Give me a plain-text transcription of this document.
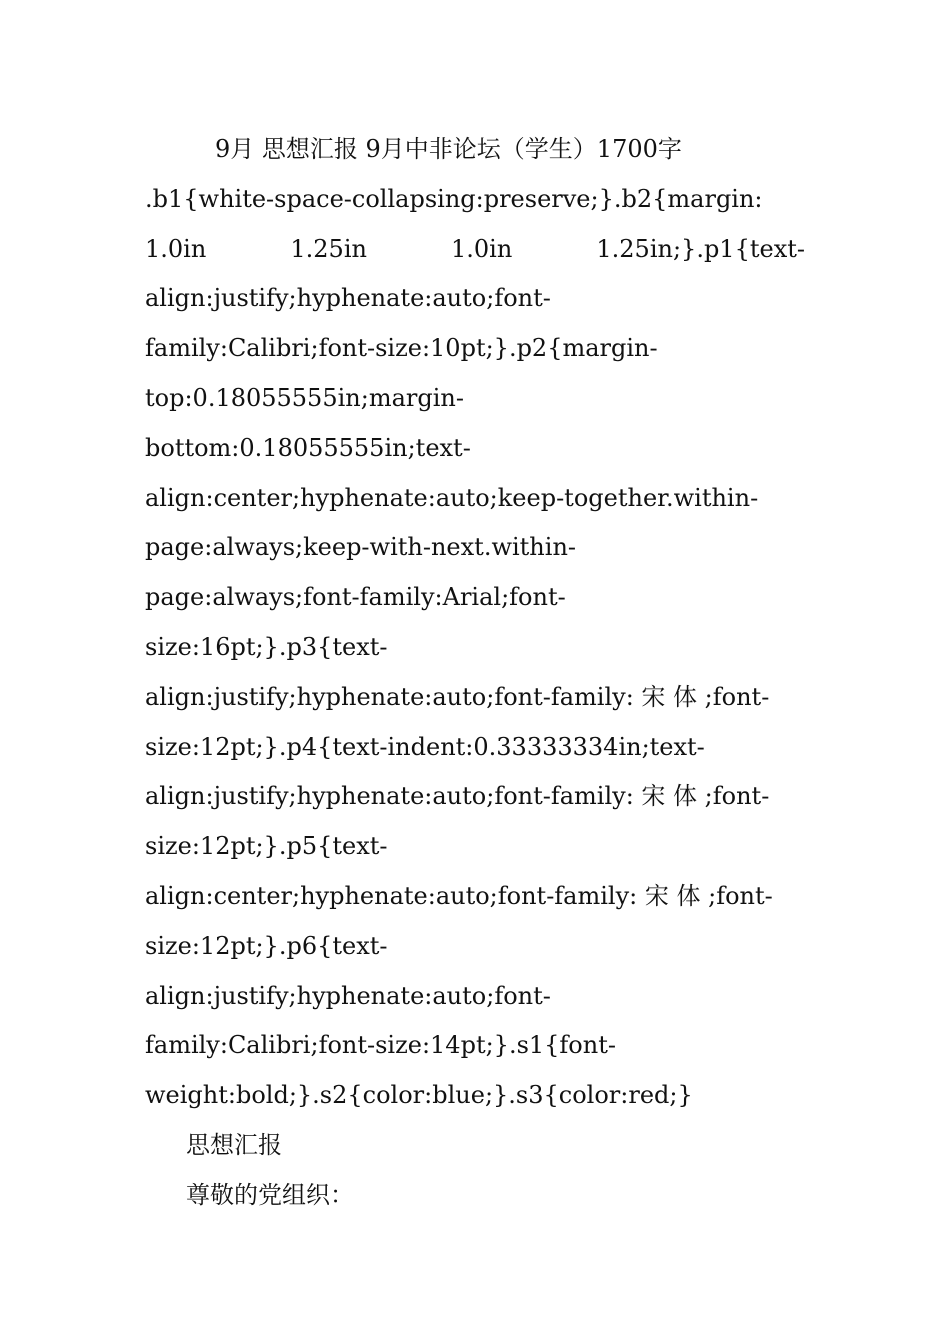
9月 思想汇报 9月中非论坛（学生）1700字
.b1{white-space-collapsing:preserve;}.b2{margin:
1.0in	1.25in	1.0in	1.25in;}.p1{text-
align:justify;hyphenate:auto;font-
family:Calibri;font-size:10pt;}.p2{margin-
top:0.18055555in;margin-
bottom:0.18055555in;text-
align:center;hyphenate:auto;keep-together.within-
page:always;keep-with-next.within-
page:always;font-family:Arial;font-
size:16pt;}.p3{text-
align:justify;hyphenate:auto;font-family: 宋 体 ;font-
size:12pt;}.p4{text-indent:0.33333334in;text-
align:justify;hyphenate:auto;font-family: 宋 体 ;font-
size:12pt;}.p5{text-
align:center;hyphenate:auto;font-family: 宋 体 ;font-
size:12pt;}.p6{text-
align:justify;hyphenate:auto;font-
family:Calibri;font-size:14pt;}.s1{font-
weight:bold;}.s2{color:blue;}.s3{color:red;}
思想汇报
尊敬的党组织：
